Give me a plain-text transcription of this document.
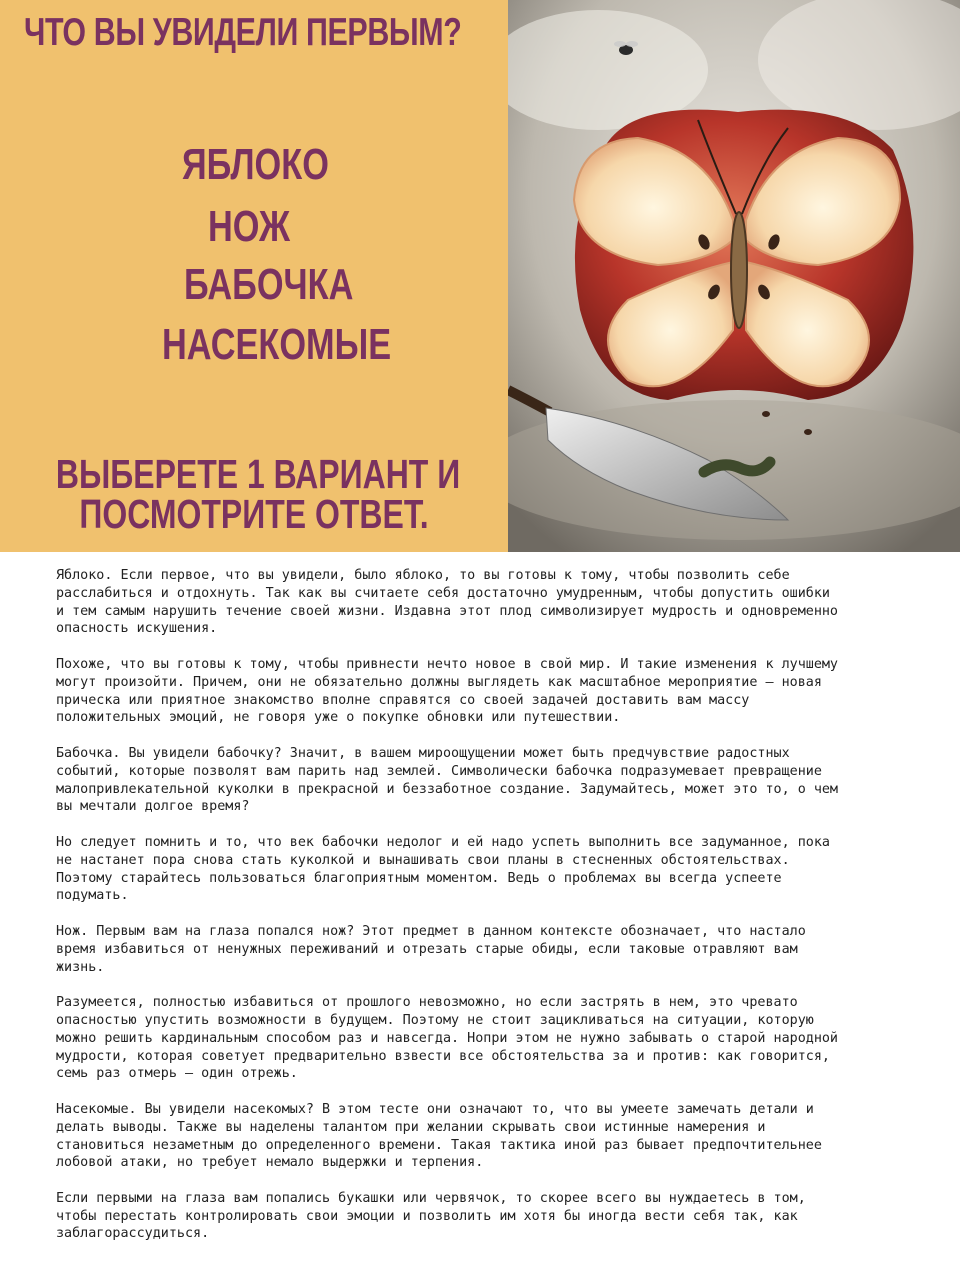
ЧТО ВЫ УВИДЕЛИ ПЕРВЫМ?
ЯБЛОКО
НОЖ
БАБОЧКА
НАСЕКОМЫЕ
ВЫБЕРЕТЕ 1 ВАРИАНТ И
ПОСМОТРИТЕ ОТВЕТ.

Яблоко. Если первое, что вы увидели, было яблоко, то вы готовы к тому, чтобы позволить себе
расслабиться и отдохнуть. Так как вы считаете себя достаточно умудренным, чтобы допустить ошибки
и тем самым нарушить течение своей жизни. Издавна этот плод символизирует мудрость и одновременно
опасность искушения.

Похоже, что вы готовы к тому, чтобы привнести нечто новое в свой мир. И такие изменения к лучшему
могут произойти. Причем, они не обязательно должны выглядеть как масштабное мероприятие — новая
прическа или приятное знакомство вполне справятся со своей задачей доставить вам массу
положительных эмоций, не говоря уже о покупке обновки или путешествии.

Бабочка. Вы увидели бабочку? Значит, в вашем мироощущении может быть предчувствие радостных
событий, которые позволят вам парить над землей. Символически бабочка подразумевает превращение
малопривлекательной куколки в прекрасной и беззаботное создание. Задумайтесь, может это то, о чем
вы мечтали долгое время?

Но следует помнить и то, что век бабочки недолог и ей надо успеть выполнить все задуманное, пока
не настанет пора снова стать куколкой и вынашивать свои планы в стесненных обстоятельствах.
Поэтому старайтесь пользоваться благоприятным моментом. Ведь о проблемах вы всегда успеете
подумать.

Нож. Первым вам на глаза попался нож? Этот предмет в данном контексте обозначает, что настало
время избавиться от ненужных переживаний и отрезать старые обиды, если таковые отравляют вам
жизнь.

Разумеется, полностью избавиться от прошлого невозможно, но если застрять в нем, это чревато
опасностью упустить возможности в будущем. Поэтому не стоит зацикливаться на ситуации, которую
можно решить кардинальным способом раз и навсегда. Нопри этом не нужно забывать о старой народной
мудрости, которая советует предварительно взвести все обстоятельства за и против: как говорится,
семь раз отмерь — один отрежь.

Насекомые. Вы увидели насекомых? В этом тесте они означают то, что вы умеете замечать детали и
делать выводы. Также вы наделены талантом при желании скрывать свои истинные намерения и
становиться незаметным до определенного времени. Такая тактика иной раз бывает предпочтительнее
лобовой атаки, но требует немало выдержки и терпения.

Если первыми на глаза вам попались букашки или червячок, то скорее всего вы нуждаетесь в том,
чтобы перестать контролировать свои эмоции и позволить им хотя бы иногда вести себя так, как
заблагорассудиться.
